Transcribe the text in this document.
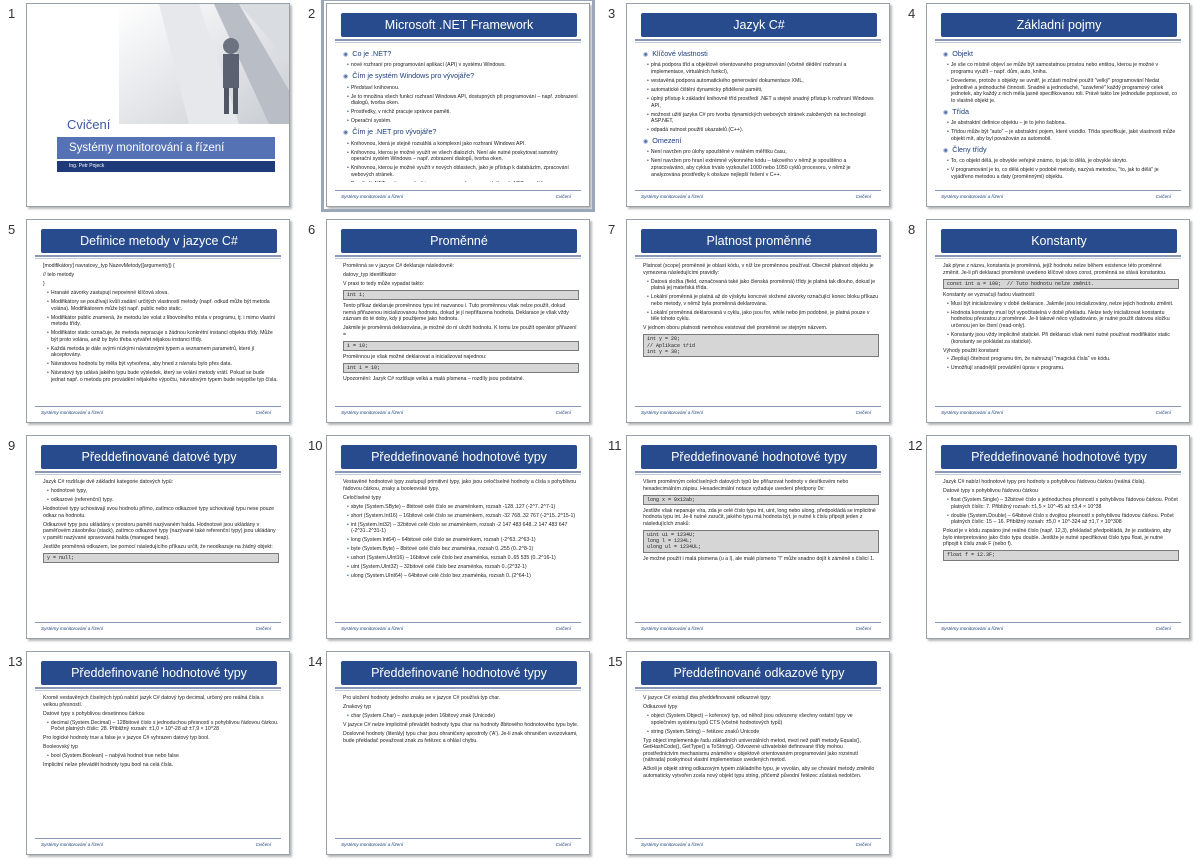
1
Cvičení
Systémy monitorování a řízení
Ing. Petr Pojeck
2
Microsoft .NET Framework

◉ Co je .NET?

• nové rozhraní pro programování aplikací (API) v systému Windows.

◉ Čím je systém Windows pro vývojáře?

• Představí knihovnou.

• Je to množina všech funkcí rozhraní Windows API, dostupných při programování – např. zobrazení dialogů, tvorba oken.

• Prostředky, v nichž pracuje správce paměti.

• Operační systém.

◉ Čím je .NET pro vývojáře?

• Knihovnou, která je stejně rozsáhlá a komplexní jako rozhraní Windows API.

• Knihovnou, kterou je možné využít ve všech dialozích. Není ale nutné poskytovat samotný operační systém Windows – např. zobrazení dialogů, tvorba oken.

• Knihovnou, kterou je možné využít v nových oblastech, jako je přístup k databázím, zpracování webových stránek.

•

Systémy monitorování a řízení	Cvičení
3
Jazyk C#

◉ Klíčové vlastnosti

• plná podpora tříd a objektově orientovaného programování (včetně dědění rozhraní a implementace, virtuálních funkcí),

• vestavěná podpora automatického generování dokumentace XML,

• automatické čištění dynamicky přidělené paměti,

• úplný přístup k základní knihovně tříd prostředí .NET a stejně snadný přístup k rozhraní Windows API,

• možnost užití jazyka C# pro tvorbu dynamických webových stránek založených na technologii ASP.NET,

• odpadá nutnost použití ukazatelů (C++).

◉ Omezení

• Není navržen pro úlohy spouštěné v reálném měřítku času,

• Není navržen pro hraní extrémně výkonného kódu – takového v němž je spouštěno a zpracováváno, aby cyklus trvalo vyzkoušel 1000 nebo 1050 cyklů procesoru, v němž je analyzována prostředky k obsluze nejlepší řešení v C++.

Systémy monitorování a řízení	Cvičení
4
Základní pojmy

◉ Objekt

• Je vše co místně objeví se může být samostatnou prostou nebo entitou, kterou je možné v programu využít – např. dům, auto, kniha.

• Dovedeme, protože s objekty se uvnitř, je zčásti možné použít "velký" programování hledat jednotlivé a jednoduché činnosti. Snadné a jednoduché, "uzavřené" každý programový celek jednotek, aby každý z nich měla jasně specifikovanou roli. Právě takto lze jednoduše popisovat, co to vlastně objekt je.

◉ Třída

• Je abstraktní definice objektu – je to jeho šablona.

• Třídou může být "auto" – je abstraktní pojem, které vozidlo. Třída specifikuje, jaké vlastnosti může objekt mít, aby byl považován za automobil.

◉ Členy třídy

• To, co objekt dělá, je obvykle veřejně známo, to jak to dělá, je obvykle skryto.

• V programování je to, co dělá objekt v podobě metody, nazývá metodou, "to, jak to dělá" je vyjádřeno metodou a daty (proměnnými) objektu.

Systémy monitorování a řízení	Cvičení
5
Definice metody v jazyce C#

[modifikátory] navratovy_typ NazevMetody([argumenty]) {

// telo metody

}

• Hranaté závorky zastupují nepovinné klíčová slova.

• Modifikátory se používají kvůli zadání určitých vlastností metody (např. odkud může být metoda volána). Modifikátorem může být např. public nebo static.

• Modifikátor public znamená, že metodu lze volat z libovolného místa v programu, tj. i mimo vlastní metodu třídy.

• Modifikátor static označuje, že metoda nepracuje s žádnou konkrétní instancí objektu třídy. Může být proto volána, aniž by bylo třeba vytvářet nějakou instanci třídy.

• Každá metoda je dále svými nízkými návratovými typem a seznamem parametrů, které jí akceptovány.

• Návratovou hodnotu by měla být vytvořena, aby hned z návratu bylo přes data.

• Návratový typ udává jakého typu bude výsledek, který se volání metody vrátí. Pokud se bude jednat např. o metodu pro provádění nějakého výpočtu, návratovým typem bude nejspíše typ čísla.

Systémy monitorování a řízení	Cvičení
6
Proměnné

Proměnná se v jazyce C# deklaruje následovně:

datovy_typ identifikator

V praxi to tedy může vypadat takto:

int i;

Tento příkaz deklaruje proměnnou typu int nazvanou i. Tuto proměnnou však nelze použít, dokud nemá přiřazenou inicializovanou hodnotu, dokud je jí nepřiřazena hodnota. Deklarace je však vždy záznam do té doby, kdy ji použijeme jako hodnotu.

Jakmile je proměnná deklarována, je možné do ní uložit hodnotu. K tomu lze použít operátor přiřazení =

i = 10;

Proměnnou je však možné deklarovat a inicializovat najednou:

int i = 10;

Upozornění: Jazyk C# rozlišuje velká a malá písmena – rozdíly jsou podstatné.

Systémy monitorování a řízení	Cvičení
7
Platnost proměnné

Platnost (scope) proměnné je oblast kódu, v níž lze proměnnou používat. Obecně platnost objektu je vymezena následujícími pravidly:

• Datová složka (field, označovaná také jako členská proměnná) třídy je platná tak dlouho, dokud je platná jej mateřská třída.

• Lokální proměnná je platná až do výskytu koncové složené závorky označující konec bloku příkazu nebo metody, v němž byla proměnná deklarována.

• Lokální proměnná deklarovaná v cyklu, jako jsou for, while nebo jim podobné, je platná pouze v těle tohoto cyklu.

V jednom oboru platnosti nemohou existovat dvě proměnné se stejným názvem.

int y = 20;
// Aplikace tříd
int y = 30;
Systémy monitorování a řízení	Cvičení
8
Konstanty

Jak plyne z názvu, konstanta je proměnná, jejíž hodnotu nelze během existence této proměnné změnit. Je-li při deklaraci proměnné uvedeno klíčové slovo const, proměnná se stává konstantou.

const int a = 100;  // Tuto hodnotu nelze změnit.

Konstanty se vyznačují řadou vlastností:

• Musí být inicializovány v době deklarace. Jakmile jsou inicializovány, nelze jejich hodnotu změnit.

• Hodnota konstanty musí být vypočitatelná v době překladu. Nelze tedy inicializovat konstantu hodnotou převzatou z proměnné. Je-li takové něco vyžadováno, je nutné použít datovou složku určenou jen ke čtení (read-only).

• Konstanty jsou vždy implicitně statické. Při deklaraci však není nutné používat modifikátor static (konstanty se pokládat za statické).

Výhody použití konstant:

• Zlepšují čitelnost programu tím, že nahrazují "magická čísla" ve kódu.

• Umožňují snadnější provádění úprav v programu.

Systémy monitorování a řízení	Cvičení
9
Předdefinované datové typy

Jazyk C# rozlišuje dvě základní kategorie datových typů:

• hodnotové typy,

• odkazové (referenční) typy.

Hodnotové typy uchovávají svou hodnotu přímo, zatímco odkazové typy uchovávají typu nese pouze odkaz na hodnotu.

Odkazové typy jsou ukládány v prostoru paměti nazývaném halda. Hodnotové jsou ukládány v paměťovém zásobníku (stack), zatímco odkazové typy (nazývané také referenční typy) jsou ukládány v paměti nazývané spravovaná halda (managed heap).

Jestliže proměnná odkazem, lze pomocí následujícího příkazu určit, že neodkazuje na žádný objekt:

y = null;
Systémy monitorování a řízení	Cvičení
10
Předdefinované hodnotové typy

Vestavěné hodnotové typy zastupují primitivní typy, jako jsou celočíselné hodnoty a čísla s pohyblivou řádovou čárkou, znaky a booleovské typy.

Celočíselné typy

• sbyte (System.SByte) – 8bitové celé číslo se znaménkem, rozsah -128..127 (-2^7..2^7-1)

• short (System.Int16) – 16bitové celé číslo se znaménkem, rozsah -32 768..32 767 (-2^15..2^15-1)

• int (System.Int32) – 32bitové celé číslo se znaménkem, rozsah -2 147 483 648..2 147 483 647 (-2^31..2^31-1)

• long (System.Int64) – 64bitové celé číslo se znaménkem, rozsah (-2^63..2^63-1)

• byte (System.Byte) – 8bitové celé číslo bez znaménka, rozsah 0..255 (0..2^8-1)

• ushort (System.UInt16) – 16bitové celé číslo bez znaménka, rozsah 0..65 535 (0..2^16-1)

• uint (System.UInt32) – 32bitové celé číslo bez znaménka, rozsah 0..(2^32-1)

• ulong (System.UInt64) – 64bitové celé číslo bez znaménka, rozsah 0..(2^64-1)

Systémy monitorování a řízení	Cvičení
11
Předdefinované hodnotové typy

Všem proměnným celočíselných datových typů lze přiřazovat hodnoty v desítkovém nebo hexadecimálním zápisu. Hexadecimální notace vyžaduje uvedení předpony 0x:

long x = 0x12ab;

Jestliže však nepanuje víra, zda je celé číslo typu int, uint, long nebo ulong, předpokládá se implicitně hodnota typu int. Je-li nutné zaručit, jakého typu má hodnota být, je nutné k číslu připojit jeden z následujících znaků:

uint ui = 1234U;
long l = 1234L;
ulong ul = 1234UL;

Je možné použít i malá písmena (u a l), ale malé písmeno "l" může snadno dojít k záměně s číslicí 1.

Systémy monitorování a řízení	Cvičení
12
Předdefinované hodnotové typy

Jazyk C# nabízí hodnotové typy pro hodnoty s pohyblivou řádovou čárkou (reálná čísla).

Datové typy s pohyblivou řádovou čárkou

• float (System.Single) – 32bitové číslo s jednoduchou přesností s pohyblivou řádovou čárkou. Počet platných číslic: 7. Přibližný rozsah: ±1,5 × 10^-45 až ±3,4 × 10^38

• double (System.Double) – 64bitové číslo s dvojitou přesností s pohyblivou řádovou čárkou. Počet platných číslic: 15 – 16. Přibližný rozsah: ±5,0 × 10^-324 až ±1,7 × 10^308

Pokud je v kódu zapsáno jiné reálné číslo (např. 12,3), překladač předpokládá, že je zadáváno, aby bylo interpretováno jako číslo typu double. Jestliže je nutné specifikovat číslo typu float, je nutné připojit k číslu znak F (nebo f).

float f = 12.3F;
Systémy monitorování a řízení	Cvičení
13
Předdefinované hodnotové typy

Kromě vestavěných číselných typů nabízí jazyk C# datový typ decimal, určený pro reálná čísla s velkou přesností.

Datové typy s pohyblivou desetinnou čárkou

• decimal (System.Decimal) – 128bitové číslo s jednoduchou přesností s pohyblivou řádovou čárkou. Počet platných číslic: 28. Přibližný rozsah: ±1,0 × 10^-28 až ±7,9 × 10^28

Pro logické hodnoty true a false je v jazyce C# vyhrazen datový typ bool.

Booleovský typ

• bool (System.Boolean) – nabývá hodnot true nebo false

Implicitní nelze převádět hodnoty typu bool na celá čísla.

Systémy monitorování a řízení	Cvičení
14
Předdefinované hodnotové typy

Pro uložení hodnoty jednoho znaku se v jazyce C# používá typ char.

Znakový typ

• char (System.Char) – zastupuje jeden 16bitový znak (Unicode)

V jazyce C# nelze implicitně převádět hodnoty typu char na hodnoty 8bitového hodnotového typu byte.

Doslovné hodnoty (literály) typu char jsou ohraničeny apostrofy ('A'). Je-li znak ohraničen uvozovkami, bude překladač považovat znak za řetězec a ohlásí chybu.

Systémy monitorování a řízení	Cvičení
15
Předdefinované odkazové typy

V jazyce C# existují dva předdefinované odkazové typy:

Odkazové typy

• object (System.Object) – kořenový typ, od něhož jsou odvozeny všechny ostatní typy ve společném systému typů CTS (včetně hodnotových typů)

• string (System.String) – řetězec znaků Unicode

Typ object implementuje řadu základních univerzálních metod, mezi než patří metody Equals(), GetHashCode(), GetType() a ToString(). Odvozené uživatelské definované třídy mohou prostřednictvím mechanismu známého v objektově orientovaném programování jako rozvinutí (náhrada) poskytnout vlastní implementace uvedených metod.

Ačkoli je objekt string odkazovým typem základního typu, je vyvolán, aby se chování metody změnilo automaticky vytvořen zcela nový objekt typu string, přičemž původní řetězec zůstává nedotčen.

Systémy monitorování a řízení	Cvičení
